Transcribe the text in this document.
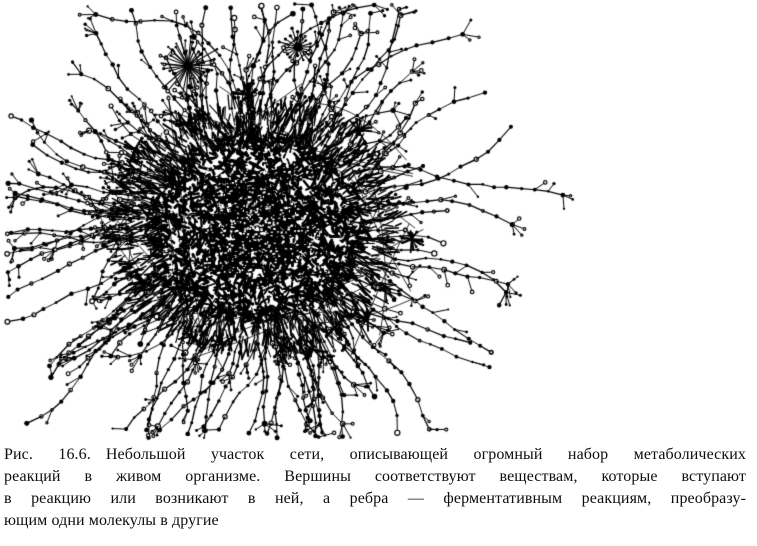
Рис. 16.6. Небольшой участок сети, описывающей огромный набор метаболических
реакций в живом организме. Вершины соответствуют веществам, которые вступают
в реакцию или возникают в ней, а ребра — ферментативным реакциям, преобразу-
ющим одни молекулы в другие
